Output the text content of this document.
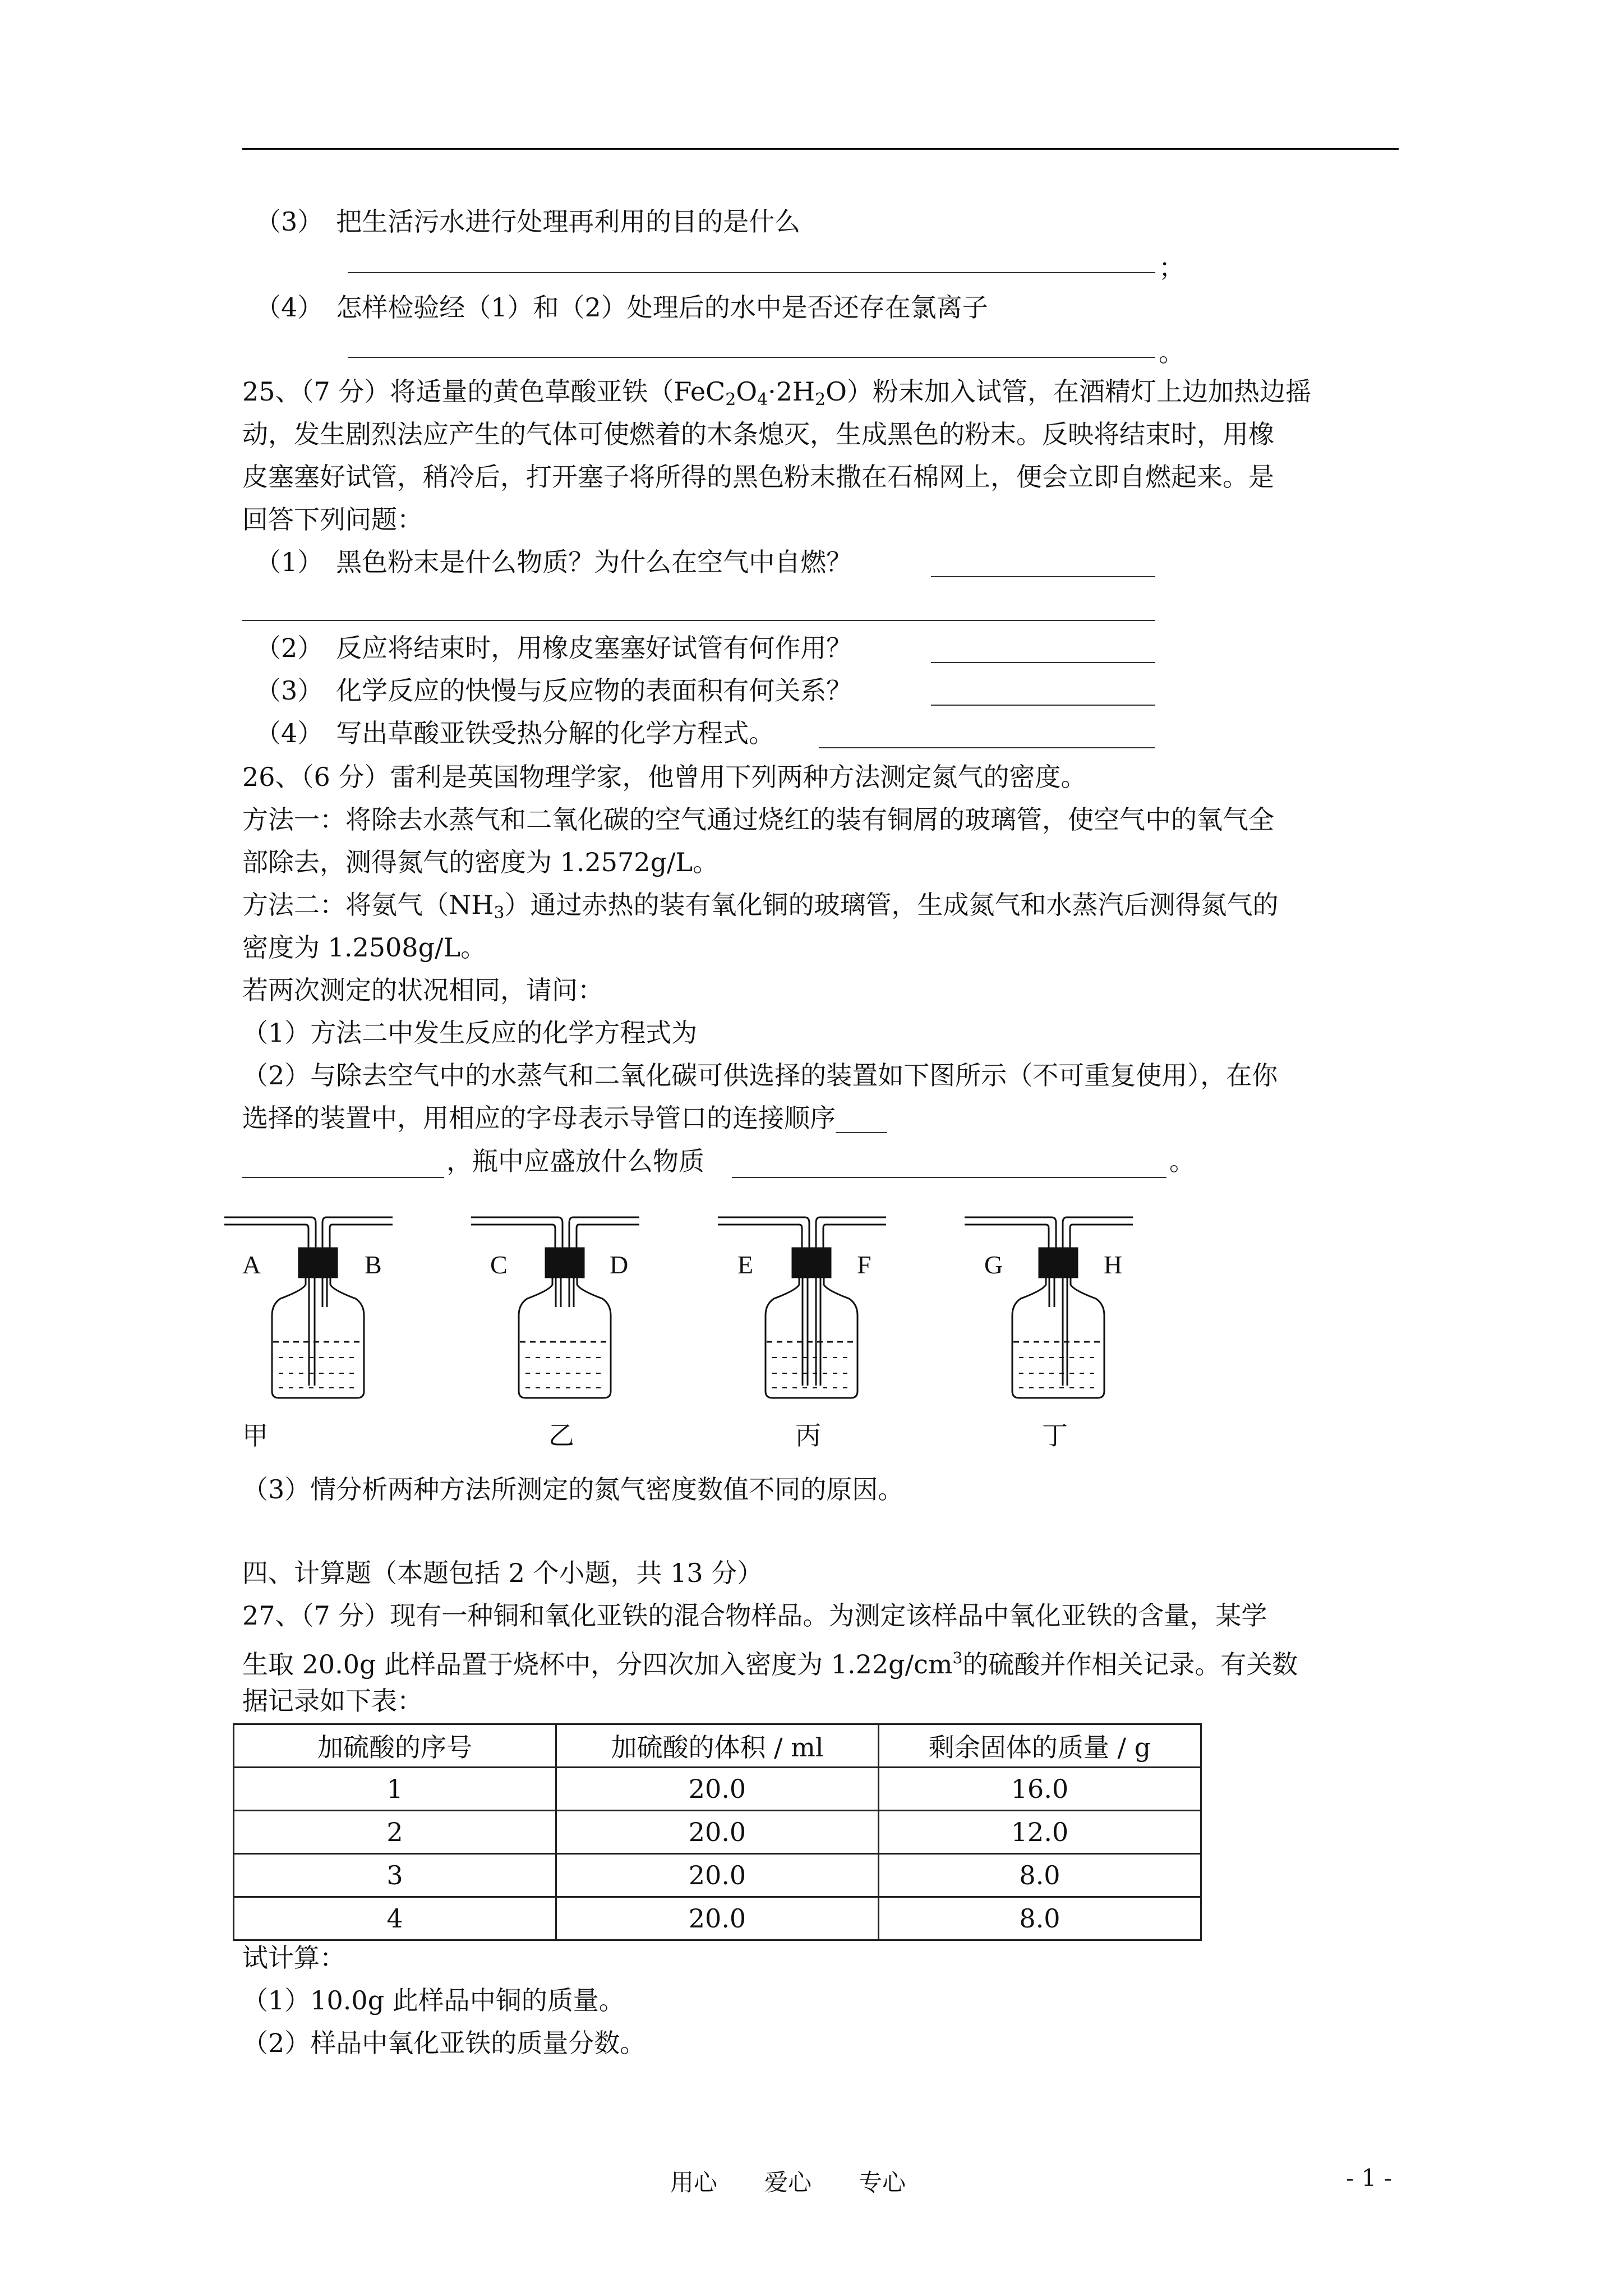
（3）　把生活污水进行处理再利用的目的是什么
；
（4）　怎样检验经（1）和（2）处理后的水中是否还存在氯离子
。
25、（7 分）将适量的黄色草酸亚铁$(FeC_2O_4\cdot 2H_2O)$粉末加入试管，在酒精灯上边加热边摇
动，发生剧烈法应产生的气体可使燃着的木条熄灭，生成黑色的粉末。反映将结束时，用橡
皮塞塞好试管，稍冷后，打开塞子将所得的黑色粉末撒在石棉网上，便会立即自燃起来。是
回答下列问题：
（1）　黑色粉末是什么物质？为什么在空气中自燃？
（2）　反应将结束时，用橡皮塞塞好试管有何作用？
（3）　化学反应的快慢与反应物的表面积有何关系？
（4）　写出草酸亚铁受热分解的化学方程式。
26、（6 分）雷利是英国物理学家，他曾用下列两种方法测定氮气的密度。
方法一：将除去水蒸气和二氧化碳的空气通过烧红的装有铜屑的玻璃管，使空气中的氧气全
部除去，测得氮气的密度为 1.2572g/L。
方法二：将氨气$(NH_3)$通过赤热的装有氧化铜的玻璃管，生成氮气和水蒸汽后测得氮气的
密度为 1.2508g/L。
若两次测定的状况相同，请问：
（1）方法二中发生反应的化学方程式为
（2）与除去空气中的水蒸气和二氧化碳可供选择的装置如下图所示（不可重复使用），在你
选择的装置中，用相应的字母表示导管口的连接顺序____
，瓶中应盛放什么物质	。
A	B	C	D	E	F	G	H
甲	乙	丙	丁
（3）情分析两种方法所测定的氮气密度数值不同的原因。
四、计算题（本题包括 2 个小题，共 13 分）
27、（7 分）现有一种铜和氧化亚铁的混合物样品。为测定该样品中氧化亚铁的含量，某学
生取 20.0g 此样品置于烧杯中，分四次加入密度为 $1.22g/cm^3$的硫酸并作相关记录。有关数
据记录如下表：
加硫酸的序号	加硫酸的体积 / ml	剩余固体的质量 / g
1	20.0	16.0
2	20.0	12.0
3	20.0	8.0
4	20.0	8.0
试计算：
（1）10.0g 此样品中铜的质量。
（2）样品中氧化亚铁的质量分数。
用心　　爱心　　专心	- 1 -
